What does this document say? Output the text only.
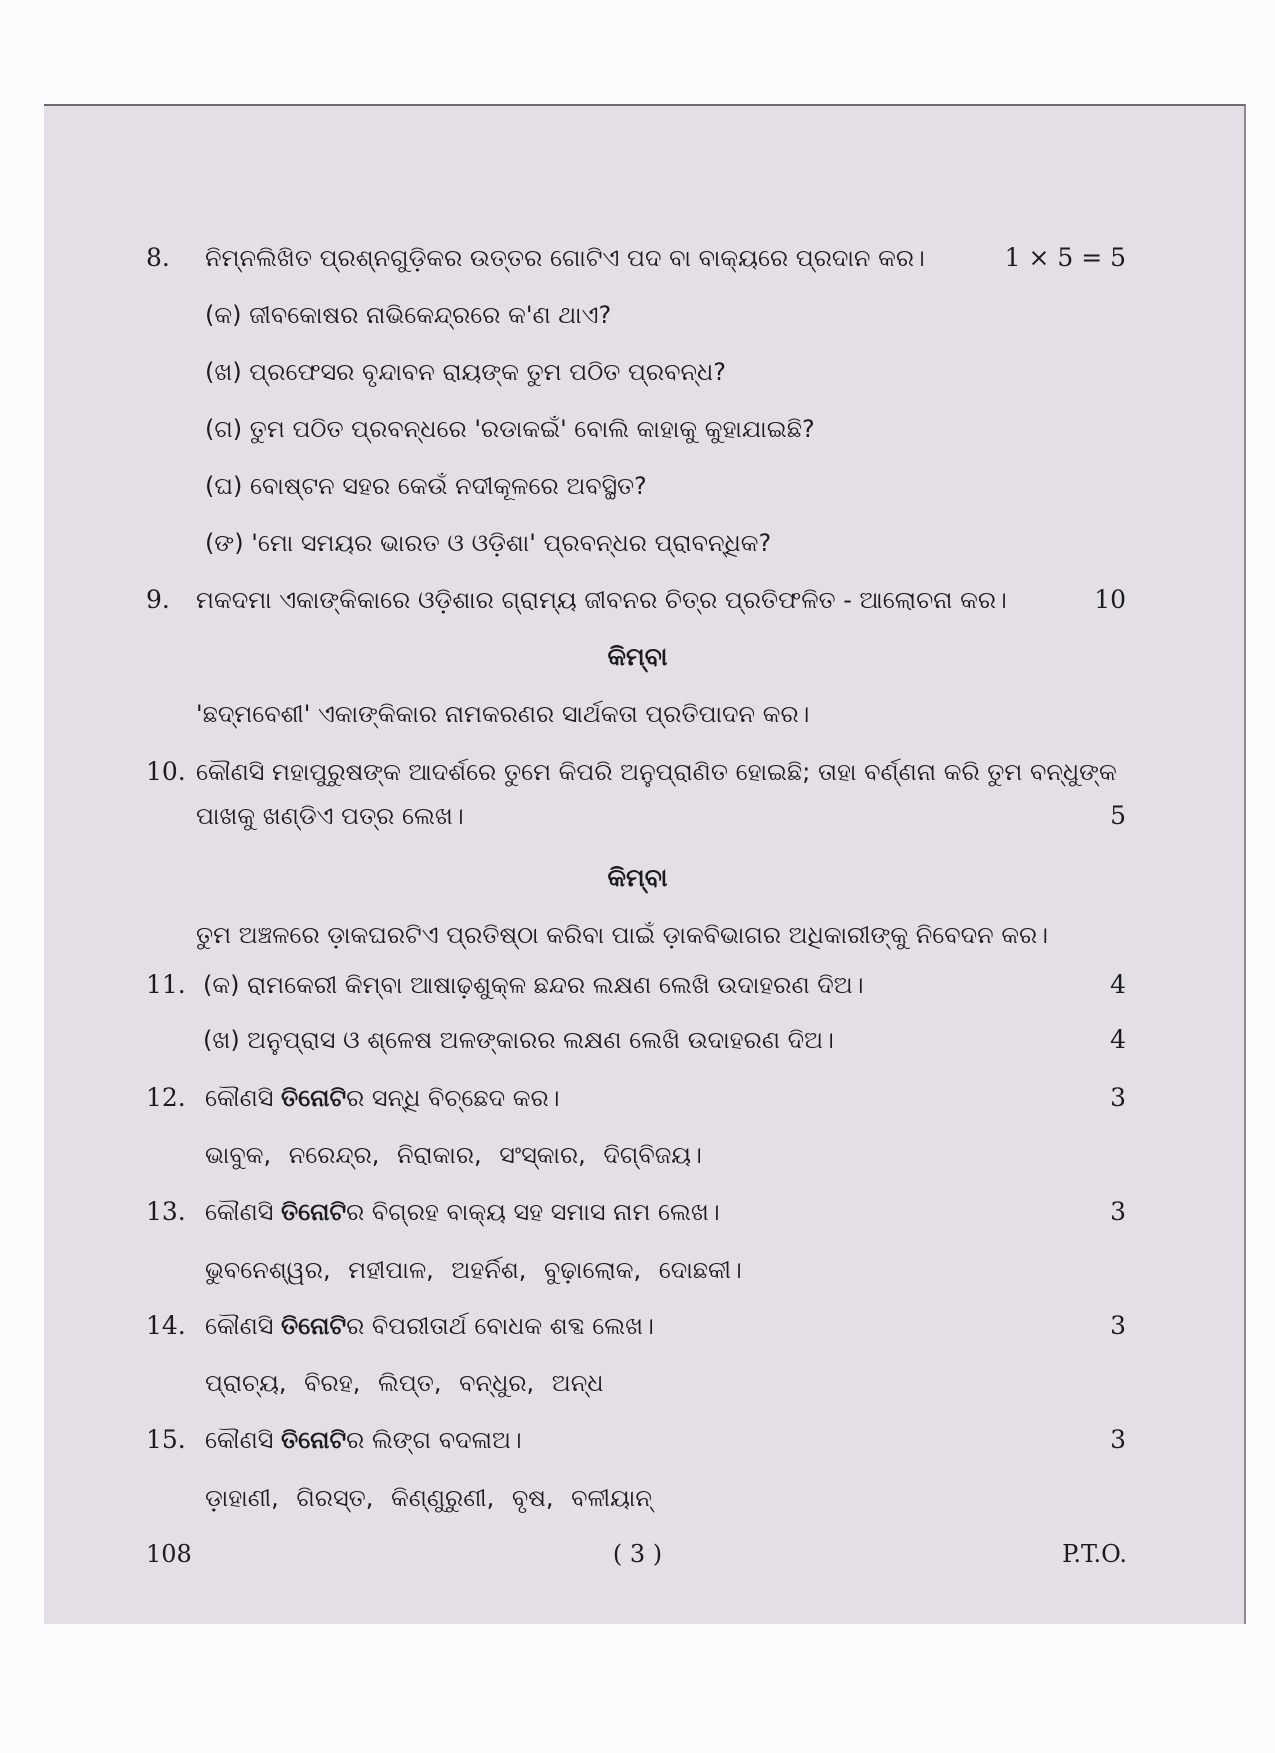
8. ନିମ୍ନଲିଖିତ ପ୍ରଶ୍ନଗୁଡ଼ିକର ଉତ୍ତର ଗୋଟିଏ ପଦ ବା ବାକ୍ୟରେ ପ୍ରଦାନ କର।	1 × 5 = 5
(କ) ଜୀବକୋଷର ନାଭିକେନ୍ଦ୍ରରେ କ'ଣ ଥାଏ?
(ଖ) ପ୍ରଫେସର ବୃନ୍ଦାବନ ରାୟଙ୍କ ତୁମ ପଠିତ ପ୍ରବନ୍ଧ?
(ଗ) ତୁମ ପଠିତ ପ୍ରବନ୍ଧରେ 'ରଡାକଇଁ' ବୋଲି କାହାକୁ କୁହାଯାଇଛି?
(ଘ) ବୋଷ୍ଟନ ସହର କେଉଁ ନଦୀକୂଳରେ ଅବସ୍ଥିତ?
(ଙ) 'ମୋ ସମୟର ଭାରତ ଓ ଓଡ଼ିଶା' ପ୍ରବନ୍ଧର ପ୍ରାବନ୍ଧିକ?
9. ମକଦମା ଏକାଙ୍କିକାରେ ଓଡ଼ିଶାର ଗ୍ରାମ୍ୟ ଜୀବନର ଚିତ୍ର ପ୍ରତିଫଳିତ - ଆଲୋଚନା କର।	10
କିମ୍ବା
'ଛଦ୍ମବେଶୀ' ଏକାଙ୍କିକାର ନାମକରଣର ସାର୍ଥକତା ପ୍ରତିପାଦନ କର।
10. କୌଣସି ମହାପୁରୁଷଙ୍କ ଆଦର୍ଶରେ ତୁମେ କିପରି ଅନୁପ୍ରାଣିତ ହୋଇଛି; ତାହା ବର୍ଣ୍ଣନା କରି ତୁମ ବନ୍ଧୁଙ୍କ
ପାଖକୁ ଖଣ୍ଡିଏ ପତ୍ର ଲେଖ।	5
କିମ୍ବା
ତୁମ ଅଞ୍ଚଳରେ ଡ଼ାକଘରଟିଏ ପ୍ରତିଷ୍ଠା କରିବା ପାଇଁ ଡ଼ାକବିଭାଗର ଅଧିକାରୀଙ୍କୁ ନିବେଦନ କର।
11. (କ) ରାମକେରୀ କିମ୍ବା ଆଷାଢ଼ଶୁକ୍ଳ ଛନ୍ଦର ଲକ୍ଷଣ ଲେଖି ଉଦାହରଣ ଦିଅ।	4
(ଖ) ଅନୁପ୍ରାସ ଓ ଶ୍ଳେଷ ଅଳଙ୍କାରର ଲକ୍ଷଣ ଲେଖି ଉଦାହରଣ ଦିଅ।	4
12. କୌଣସି ତିନୋଟିର ସନ୍ଧି ବିଚ୍ଛେଦ କର।	3
ଭାବୁକ, ନରେନ୍ଦ୍ର, ନିରାକାର, ସଂସ୍କାର, ଦିଗ୍‌ବିଜୟ।
13. କୌଣସି ତିନୋଟିର ବିଗ୍ରହ ବାକ୍ୟ ସହ ସମାସ ନାମ ଲେଖ।	3
ଭୁବନେଶ୍ୱର, ମହୀପାଳ, ଅହର୍ନିଶ, ବୁଢ଼ାଲୋକ, ଦୋଛକୀ।
14. କୌଣସି ତିନୋଟିର ବିପରୀତାର୍ଥ ବୋଧକ ଶବ୍ଦ ଲେଖ।	3
ପ୍ରାଚ୍ୟ, ବିରହ, ଲିପ୍ତ, ବନ୍ଧୁର, ଅନ୍ଧ
15. କୌଣସି ତିନୋଟିର ଲିଙ୍ଗ ବଦଳାଅ।	3
ଡ଼ାହାଣୀ, ଗିରସ୍ତ, କିଣ୍ଣୁରୁଣୀ, ବୃଷ, ବଳୀୟାନ୍
108	( 3 )	P.T.O.
